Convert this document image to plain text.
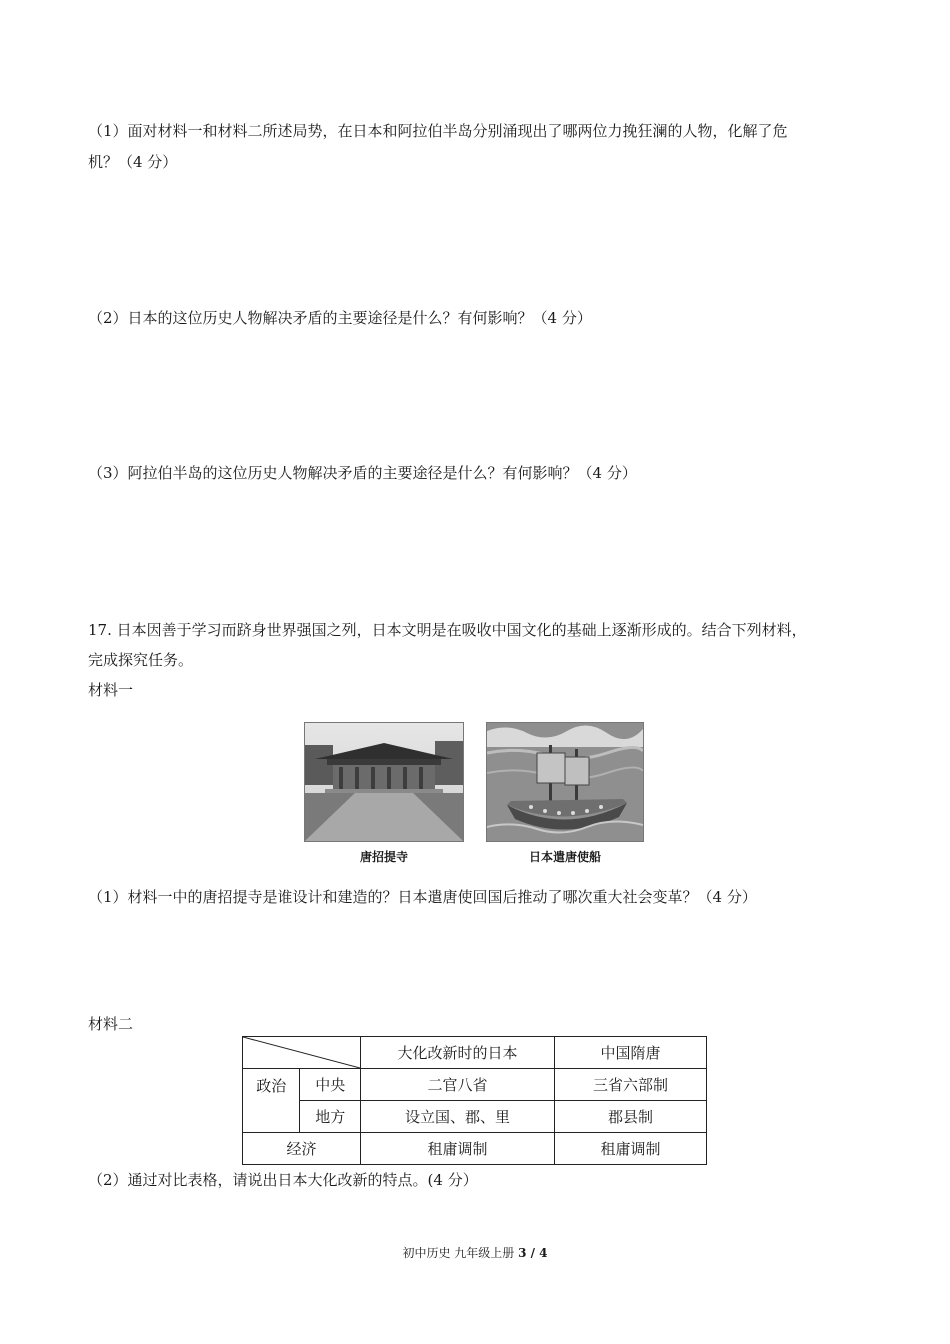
（1）面对材料一和材料二所述局势，在日本和阿拉伯半岛分别涌现出了哪两位力挽狂澜的人物，化解了危
机？（4 分）
（2）日本的这位历史人物解决矛盾的主要途径是什么？有何影响？（4 分）
（3）阿拉伯半岛的这位历史人物解决矛盾的主要途径是什么？有何影响？（4 分）
17. 日本因善于学习而跻身世界强国之列，日本文明是在吸收中国文化的基础上逐渐形成的。结合下列材料，
完成探究任务。
材料一
唐招提寺	日本遣唐使船
（1）材料一中的唐招提寺是谁设计和建造的？日本遣唐使回国后推动了哪次重大社会变革？（4 分）
材料二
	大化改新时的日本	中国隋唐
政治	中央	二官八省	三省六部制
	地方	设立国、郡、里	郡县制
经济		租庸调制	租庸调制
（2）通过对比表格，请说出日本大化改新的特点。(4 分）
初中历史 九年级上册 3 / 4
